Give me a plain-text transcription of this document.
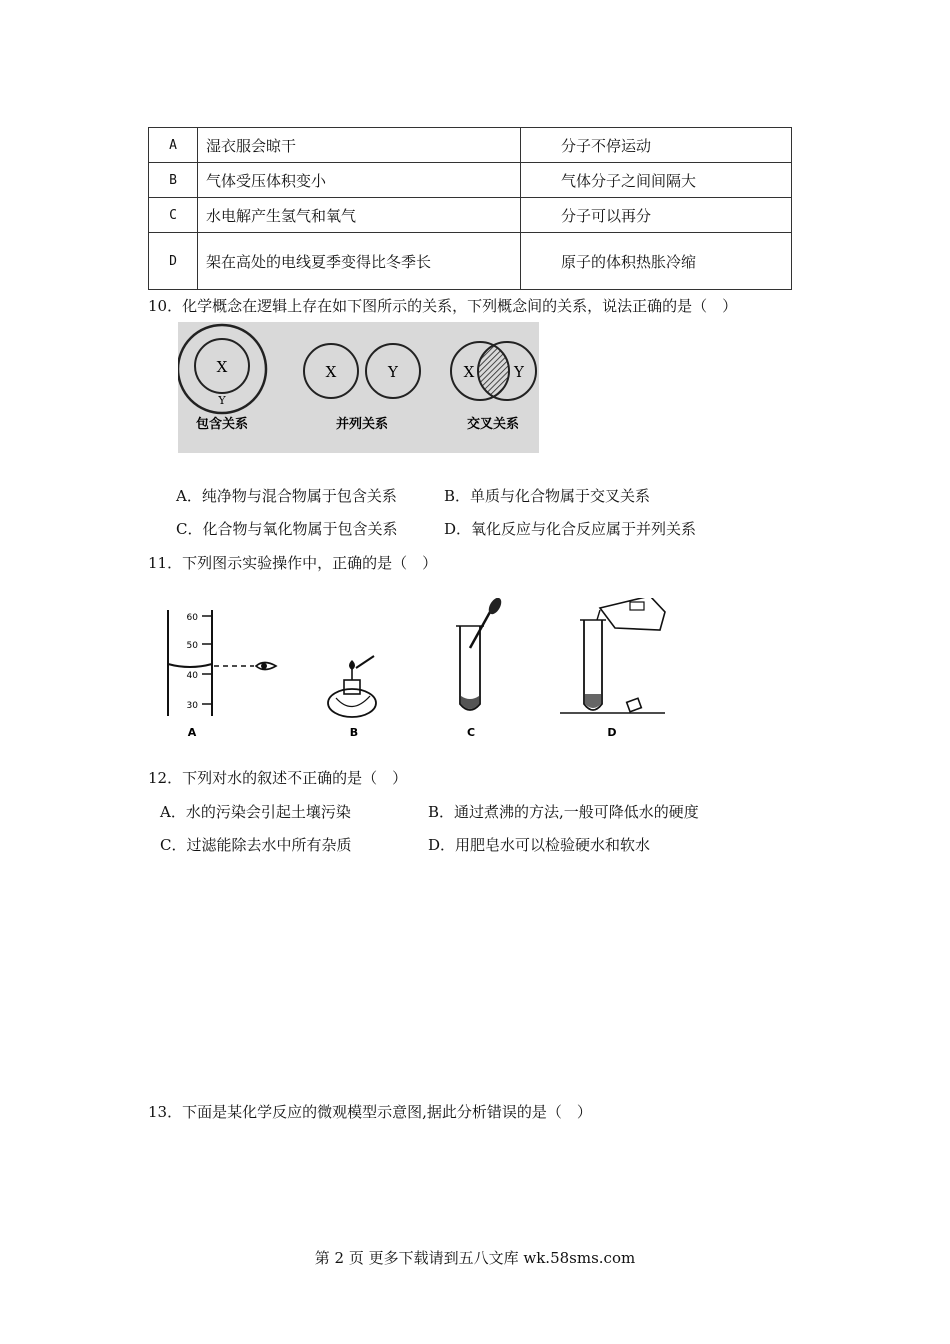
A	湿衣服会晾干	分子不停运动
B	气体受压体积变小	气体分子之间间隔大
C	水电解产生氢气和氧气	分子可以再分
D	架在高处的电线夏季变得比冬季长	原子的体积热胀冷缩
10．化学概念在逻辑上存在如下图所示的关系，下列概念间的关系，说法正确的是（　）
X
Y
包含关系
X	Y
并列关系
X	Y
交叉关系
A．纯净物与混合物属于包含关系	B．单质与化合物属于交叉关系
C．化合物与氧化物属于包含关系	D．氧化反应与化合反应属于并列关系
11．下列图示实验操作中，正确的是（　）
60
50
40
30
A	B	C	D
12．下列对水的叙述不正确的是（　）
A．水的污染会引起土壤污染	B．通过煮沸的方法,一般可降低水的硬度
C．过滤能除去水中所有杂质	D．用肥皂水可以检验硬水和软水
13．下面是某化学反应的微观模型示意图,据此分析错误的是（　）
第 2 页 更多下载请到五八文库 wk.58sms.com
